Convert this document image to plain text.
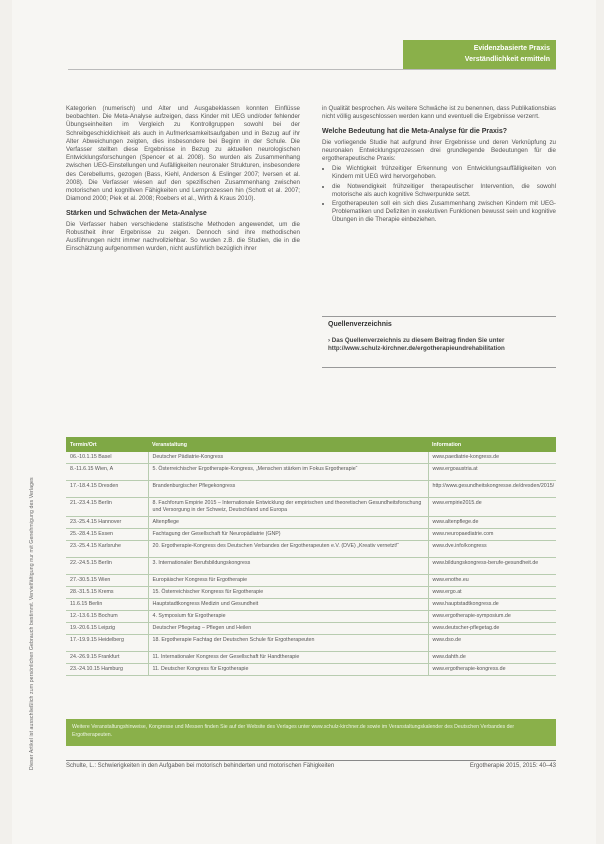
Dieser Artikel ist ausschließlich zum persönlichen Gebrauch bestimmt. Vervielfältigung nur mit Genehmigung des Verlages
Evidenzbasierte Praxis
Verständlichkeit ermitteln

Kategorien (numerisch) und Alter und Ausgabeklassen konnten Einflüsse beobachten. Die Meta-Analyse aufzeigen, dass Kinder mit UEG und/oder fehlender Übungseinheiten im Vergleich zu Kontrollgruppen sowohl bei der Schreibgeschicklichkeit als auch in Aufmerksamkeitsaufgaben und in Bezug auf ihr Alter Abweichungen zeigten, dies insbesondere bei Beginn in der Schule. Die Verfasser stellten diese Ergebnisse in Bezug zu aktuellen neurologischen Entwicklungsforschungen (Spencer et al. 2008). So wurden als Zusammenhang zwischen UEG-Einstellungen und Aufälligkeiten neuronaler Strukturen, insbesondere des Cerebellums, gezogen (Bass, Kiehl, Anderson & Eslinger 2007; Iversen et al. 2008). Die Verfasser wiesen auf den spezifischen Zusammenhang zwischen motorischen und kognitiven Fähigkeiten und Lernprozessen hin (Schott et al. 2007; Diamond 2000; Piek et al. 2008; Roebers et al., Wirth & Kraus 2010).

Stärken und Schwächen der Meta-Analyse

Die Verfasser haben verschiedene statistische Methoden angewendet, um die Robustheit ihrer Ergebnisse zu zeigen. Dennoch sind ihre methodischen Ausführungen nicht immer nachvollziehbar. So wurden z.B. die Studien, die in die Einschätzung aufgenommen wurden, nicht ausführlich bezüglich ihrer

in Qualität besprochen. Als weitere Schwäche ist zu benennen, dass Publikationsbias nicht völlig ausgeschlossen werden kann und eventuell die Ergebnisse verzerrt.

Welche Bedeutung hat die Meta-Analyse für die Praxis?

Die vorliegende Studie hat aufgrund ihrer Ergebnisse und deren Verknüpfung zu neuronalen Entwicklungsprozessen drei grundlegende Bedeutungen für die ergotherapeutische Praxis:

• Die Wichtigkeit frühzeitiger Erkennung von Entwicklungsauffälligkeiten von Kindern mit UEG wird hervorgehoben.
• die Notwendigkeit frühzeitiger therapeutischer Intervention, die sowohl motorische als auch kognitive Schwerpunkte setzt.
• Ergotherapeuten soll ein sich dies Zusammenhang zwischen Kindern mit UEG-Problematiken und Defiziten in exekutiven Funktionen bewusst sein und kognitive Übungen in die Therapie einbeziehen.
Quellenverzeichnis

› Das Quellenverzeichnis zu diesem Beitrag finden Sie unter http://www.schulz-kirchner.de/ergotherapieundrehabilitation

Termin/Ort	Veranstaltung	Information
06.-10.1.15 Basel	Deutscher Pädiatrie-Kongress	www.paediatrie-kongress.de
8.-11.6.15 Wien, A	5. Österreichischer Ergotherapie-Kongress, „Menschen stärken im Fokus Ergotherapie“	www.ergoaustria.at
17.-18.4.15 Dresden	Brandenburgischer Pflegekongress	http://www.gesundheitskongresse.de/dresden/2015/
21.-23.4.15 Berlin	8. Fachforum Empirie 2015 – Internationale Entwicklung der empirischen und theoretischen Gesundheitsforschung und Versorgung in der Schweiz, Deutschland und Europa	www.empirie2015.de
23.-25.4.15 Hannover	Altenpflege	www.altenpflege.de
25.-28.4.15 Essen	Fachtagung der Gesellschaft für Neuropädiatrie (GNP)	www.neuropaediatrie.com
23.-25.4.15 Karlsruhe	20. Ergotherapie-Kongress des Deutschen Verbandes der Ergotherapeuten e.V. (DVE) „Kreativ vernetzt!“	www.dve.info/kongress
22.-24.5.15 Berlin	3. Internationaler Berufsbildungskongress	www.bildungskongress-berufe-gesundheit.de
27.-30.5.15 Wien	Europäischer Kongress für Ergotherapie	www.enothe.eu
28.-31.5.15 Krems	15. Österreichischer Kongress für Ergotherapie	www.ergo.at
11.6.15 Berlin	Hauptstadtkongress Medizin und Gesundheit	www.hauptstadtkongress.de
12.-13.6.15 Bochum	4. Symposium für Ergotherapie	www.ergotherapie-symposium.de
19.-20.6.15 Leipzig	Deutscher Pflegetag – Pflegen und Heilen	www.deutscher-pflegetag.de
17.-19.9.15 Heidelberg	18. Ergotherapie Fachtag der Deutschen Schule für Ergotherapeuten	www.dso.de
24.-26.9.15 Frankfurt	11. Internationaler Kongress der Gesellschaft für Handtherapie	www.dahth.de
23.-24.10.15 Hamburg	11. Deutscher Kongress für Ergotherapie	www.ergotherapie-kongress.de
Weitere Veranstaltungshinweise, Kongresse und Messen finden Sie auf der Website des Verlages unter www.schulz-kirchner.de sowie im Veranstaltungskalender des Deutschen Verbandes der Ergotherapeuten.
Schulte, L.: Schwierigkeiten in den Aufgaben bei motorisch behinderten und motorischen Fähigkeiten	Ergotherapie 2015, 2015: 40–43
